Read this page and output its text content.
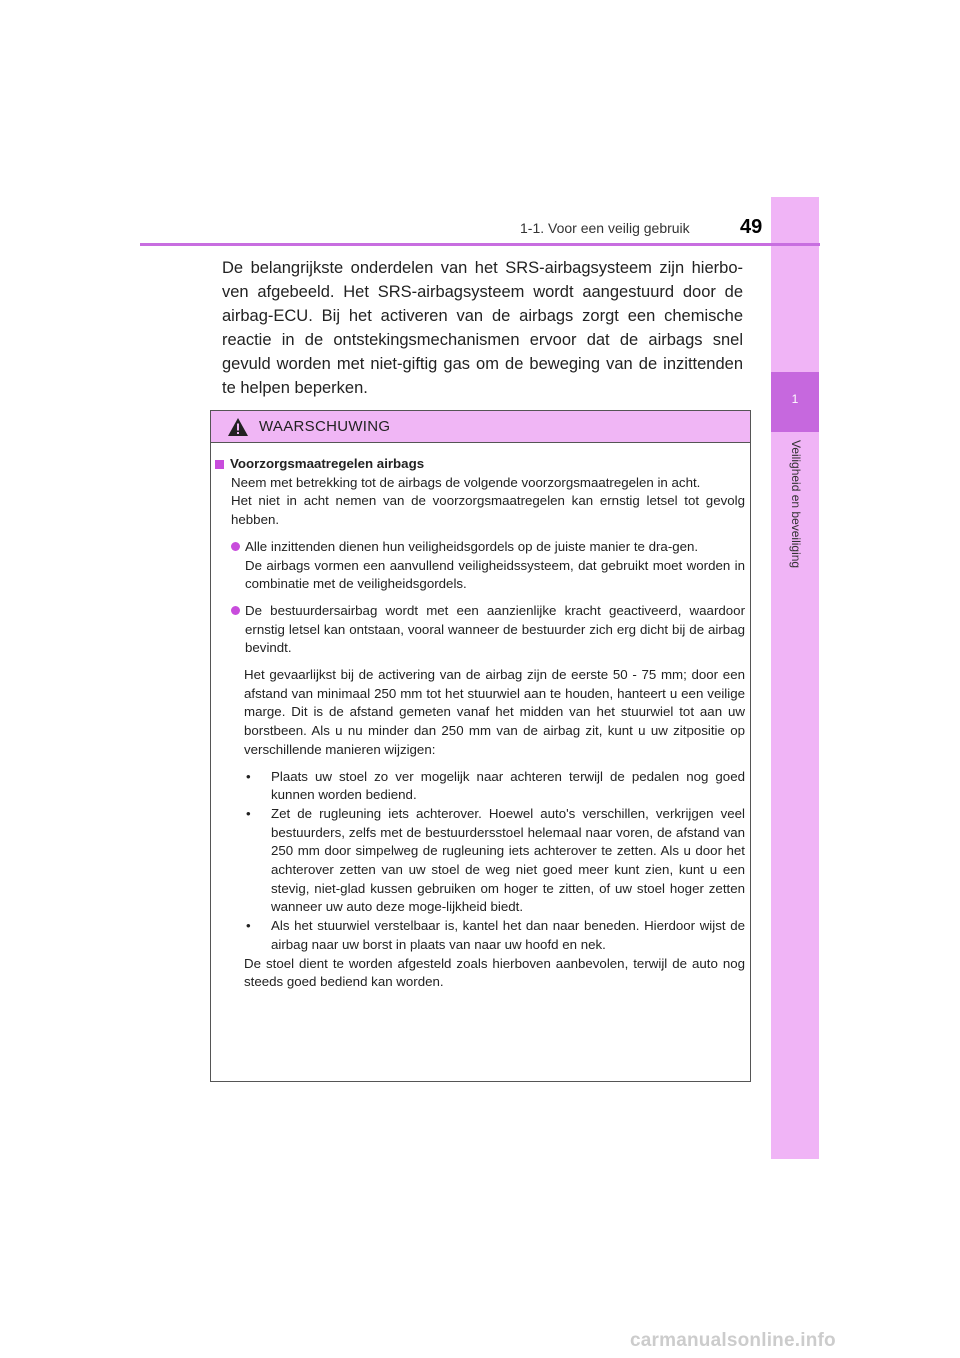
1
Veiligheid en beveiliging
1-1. Voor een veilig gebruik	49
De belangrijkste onderdelen van het SRS-airbagsysteem zijn hierbo-ven afgebeeld. Het SRS-airbagsysteem wordt aangestuurd door de airbag-ECU. Bij het activeren van de airbags zorgt een chemische reactie in de ontstekingsmechanismen ervoor dat de airbags snel gevuld worden met niet-giftig gas om de beweging van de inzittenden te helpen beperken.
WAARSCHUWING
Voorzorgsmaatregelen airbags
Neem met betrekking tot de airbags de volgende voorzorgsmaatregelen in acht.
Het niet in acht nemen van de voorzorgsmaatregelen kan ernstig letsel tot gevolg hebben.
Alle inzittenden dienen hun veiligheidsgordels op de juiste manier te dra-gen.
De airbags vormen een aanvullend veiligheidssysteem, dat gebruikt moet worden in combinatie met de veiligheidsgordels.
De bestuurdersairbag wordt met een aanzienlijke kracht geactiveerd, waardoor ernstig letsel kan ontstaan, vooral wanneer de bestuurder zich erg dicht bij de airbag bevindt.
Het gevaarlijkst bij de activering van de airbag zijn de eerste 50 - 75 mm; door een afstand van minimaal 250 mm tot het stuurwiel aan te houden, hanteert u een veilige marge. Dit is de afstand gemeten vanaf het midden van het stuurwiel tot aan uw borstbeen. Als u nu minder dan 250 mm van de airbag zit, kunt u uw zitpositie op verschillende manieren wijzigen:
•	Plaats uw stoel zo ver mogelijk naar achteren terwijl de pedalen nog goed kunnen worden bediend.
•	Zet de rugleuning iets achterover. Hoewel auto's verschillen, verkrijgen veel bestuurders, zelfs met de bestuurdersstoel helemaal naar voren, de afstand van 250 mm door simpelweg de rugleuning iets achterover te zetten. Als u door het achterover zetten van uw stoel de weg niet goed meer kunt zien, kunt u een stevig, niet-glad kussen gebruiken om hoger te zitten, of uw stoel hoger zetten wanneer uw auto deze moge-lijkheid biedt.
•	Als het stuurwiel verstelbaar is, kantel het dan naar beneden. Hierdoor wijst de airbag naar uw borst in plaats van naar uw hoofd en nek.
De stoel dient te worden afgesteld zoals hierboven aanbevolen, terwijl de auto nog steeds goed bediend kan worden.
carmanualsonline.info
